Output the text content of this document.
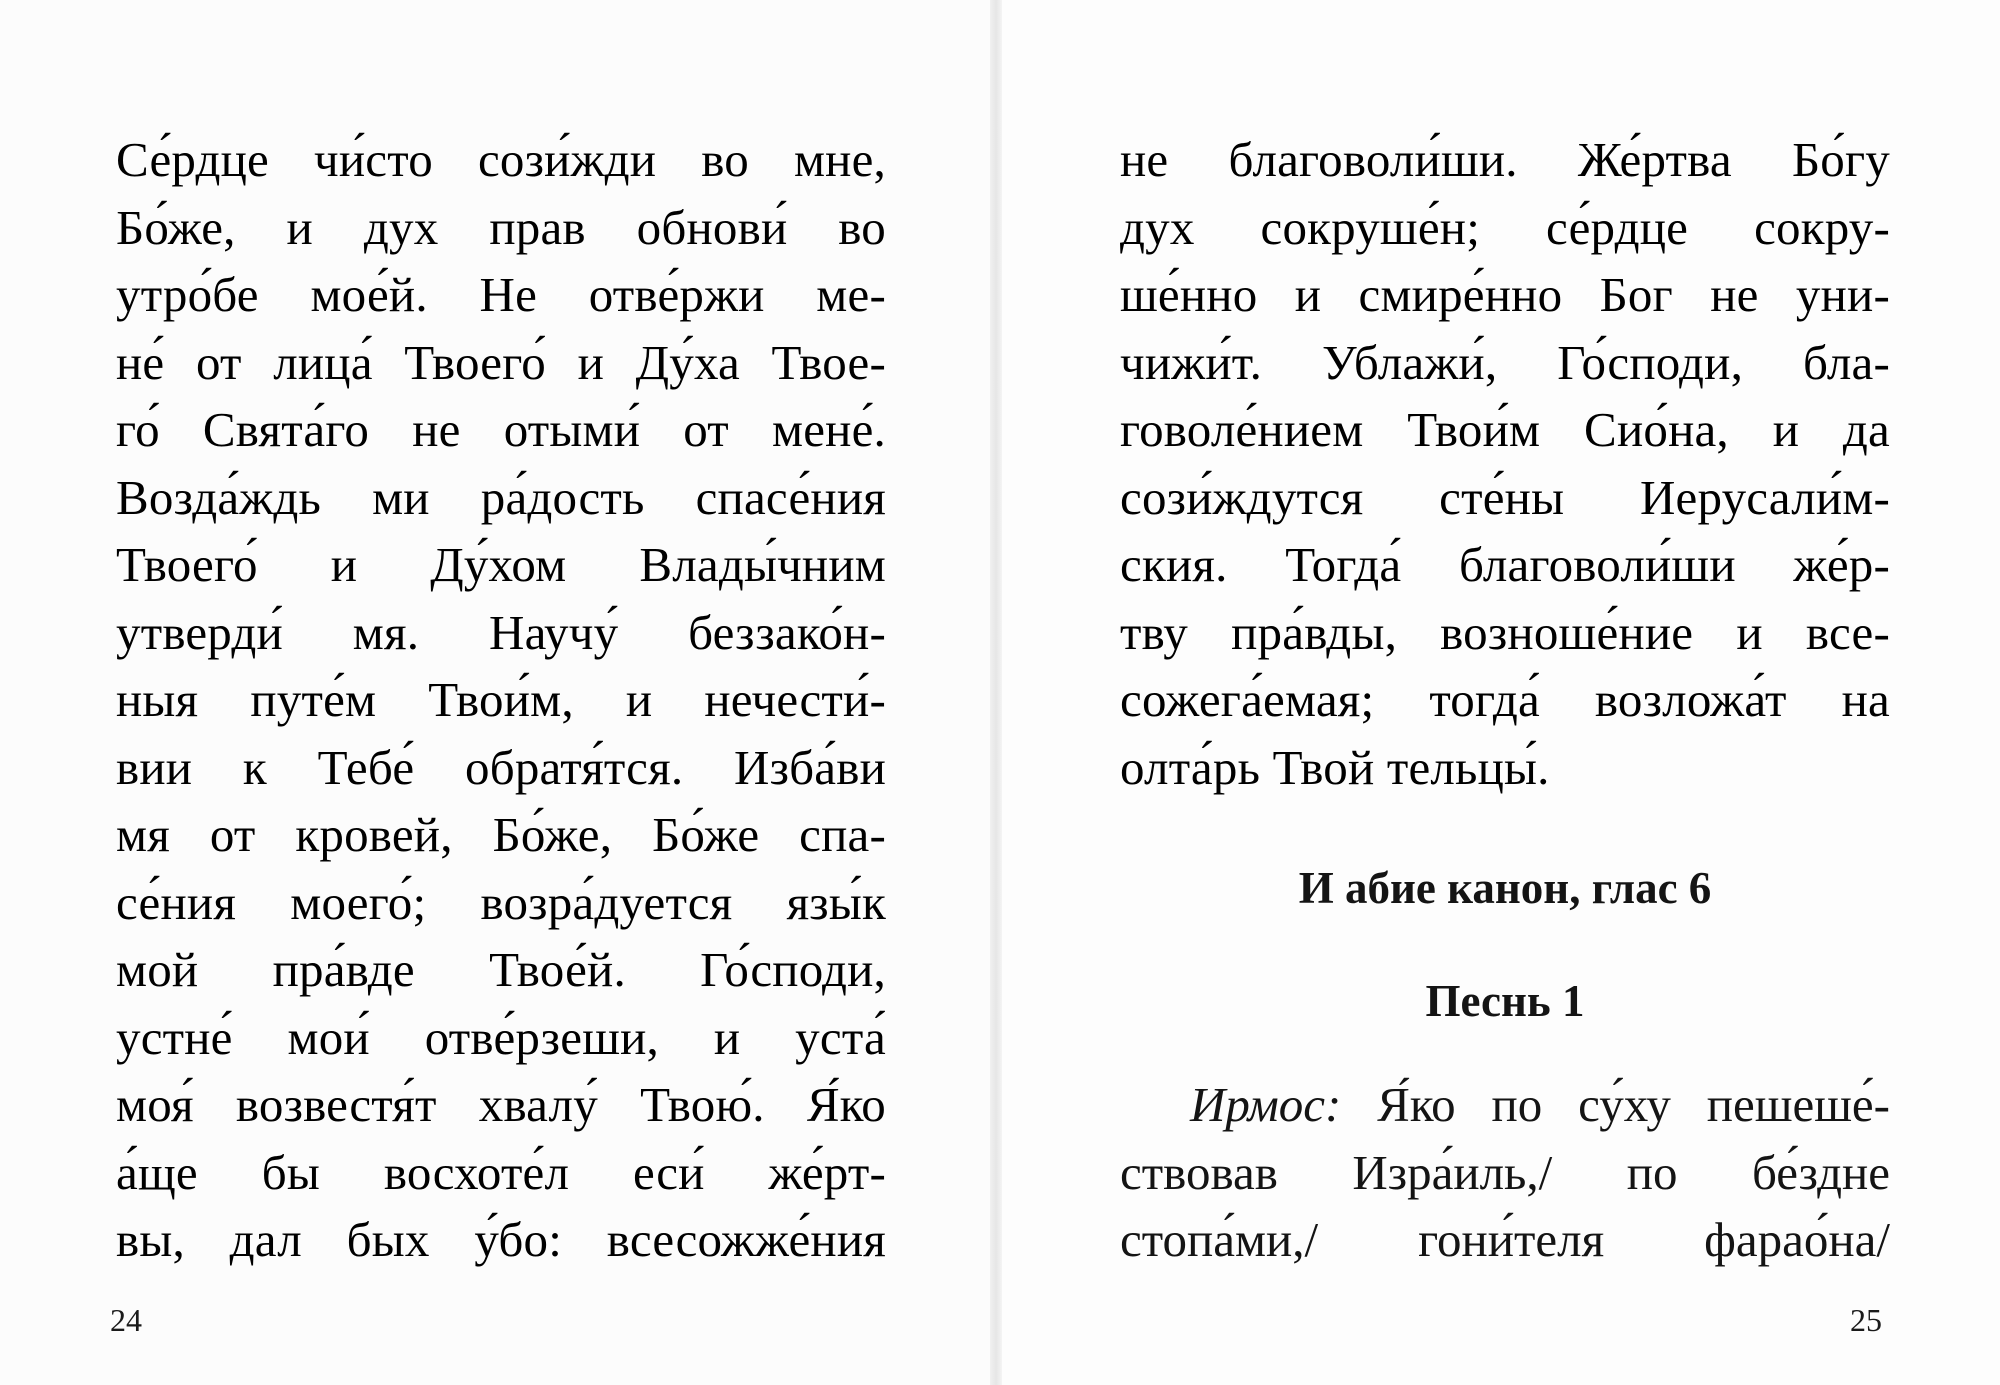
Се́рдце чи́сто сози́жди во мне,
Бо́же, и дух прав обнови́ во
утро́бе мое́й. Не отве́ржи ме-
не́ от лица́ Твоего́ и Ду́ха Твое-
го́ Свята́го не отыми́ от мене́.
Возда́ждь ми ра́дость спасе́ния
Твоего́ и Ду́хом Влады́чним
утверди́ мя. Научу́ беззако́н-
ныя путе́м Твои́м, и нечести́-
вии к Тебе́ обратя́тся. Изба́ви
мя от кровей, Бо́же, Бо́же спа-
се́ния моего́; возра́дуется язы́к
мой пра́вде Твое́й. Го́споди,
устне́ мои́ отве́рзеши, и уста́
моя́ возвестя́т хвалу́ Твою́. Я́ко
а́ще бы восхоте́л еси́ же́рт-
вы, дал бых у́бо: всесожже́ния
24
не благоволи́ши. Же́ртва Бо́гу
дух сокруше́н; се́рдце сокру-
ше́нно и смире́нно Бог не уни-
чижи́т. Ублажи́, Го́споди, бла-
говоле́нием Твои́м Сио́на, и да
сози́ждутся сте́ны Иерусали́м-
ския. Тогда́ благоволи́ши же́р-
тву пра́вды, возноше́ние и все-
сожега́емая; тогда́ возложа́т на
олта́рь Твой тельцы́.
И абие канон, глас 6
Песнь 1
Ирмос: Я́ко по су́ху пешеше́-
ствовав Изра́иль,/ по бе́здне
стопа́ми,/ гони́теля фарао́на/
25
